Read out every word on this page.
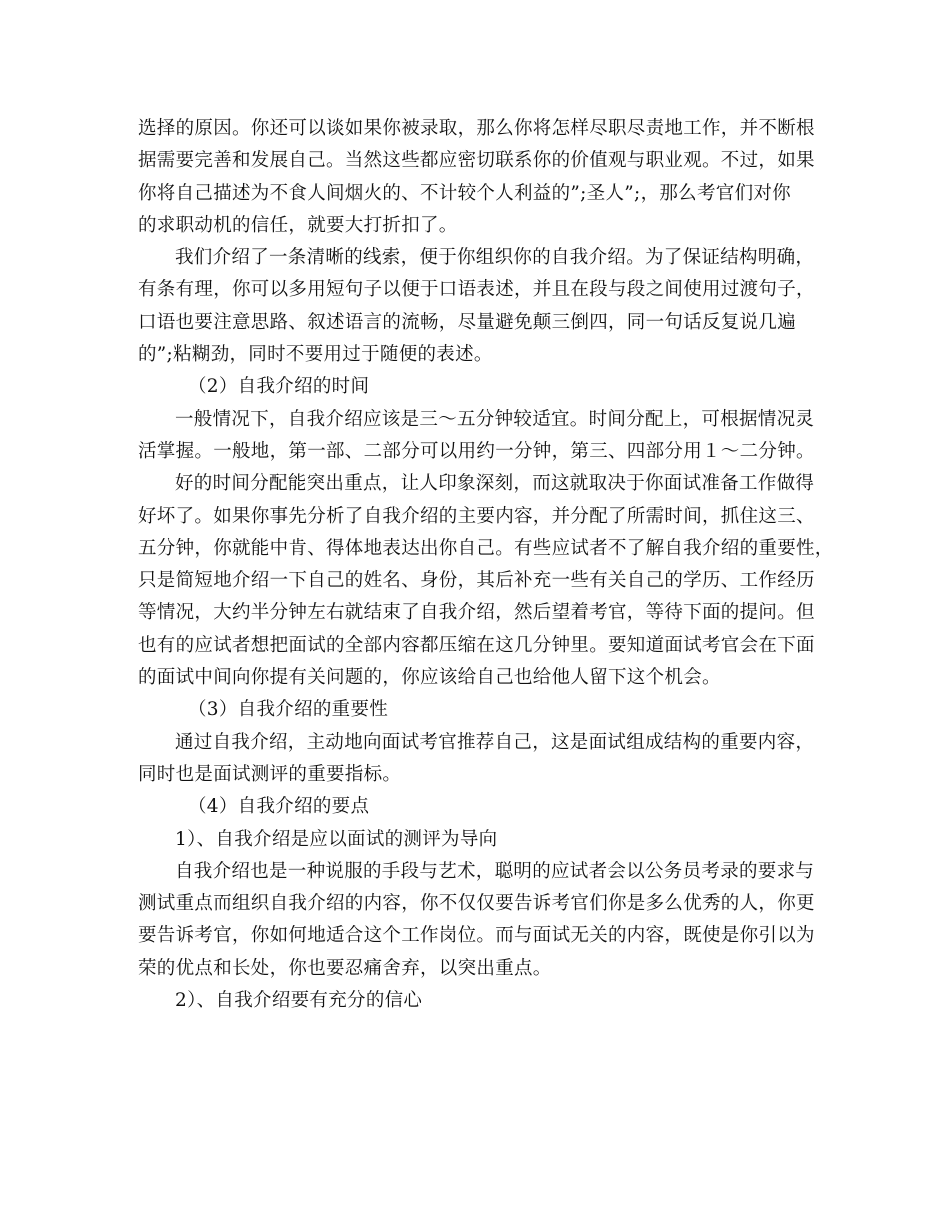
选择的原因。你还可以谈如果你被录取，那么你将怎样尽职尽责地工作，并不断根
据需要完善和发展自己。当然这些都应密切联系你的价值观与职业观。不过，如果
你将自己描述为不食人间烟火的、不计较个人利益的”;圣人”;，那么考官们对你
的求职动机的信任，就要大打折扣了。

我们介绍了一条清晰的线索，便于你组织你的自我介绍。为了保证结构明确，
有条有理，你可以多用短句子以便于口语表述，并且在段与段之间使用过渡句子，
口语也要注意思路、叙述语言的流畅，尽量避免颠三倒四，同一句话反复说几遍
的”;粘糊劲，同时不要用过于随便的表述。

（2）自我介绍的时间

一般情况下，自我介绍应该是三～五分钟较适宜。时间分配上，可根据情况灵
活掌握。一般地，第一部、二部分可以用约一分钟，第三、四部分用１～二分钟。

好的时间分配能突出重点，让人印象深刻，而这就取决于你面试准备工作做得
好坏了。如果你事先分析了自我介绍的主要内容，并分配了所需时间，抓住这三、
五分钟，你就能中肯、得体地表达出你自己。有些应试者不了解自我介绍的重要性，
只是简短地介绍一下自己的姓名、身份，其后补充一些有关自己的学历、工作经历
等情况，大约半分钟左右就结束了自我介绍，然后望着考官，等待下面的提问。但
也有的应试者想把面试的全部内容都压缩在这几分钟里。要知道面试考官会在下面
的面试中间向你提有关问题的，你应该给自己也给他人留下这个机会。

（3）自我介绍的重要性

通过自我介绍，主动地向面试考官推荐自己，这是面试组成结构的重要内容，
同时也是面试测评的重要指标。

（4）自我介绍的要点

1）、自我介绍是应以面试的测评为导向

自我介绍也是一种说服的手段与艺术，聪明的应试者会以公务员考录的要求与
测试重点而组织自我介绍的内容，你不仅仅要告诉考官们你是多么优秀的人，你更
要告诉考官，你如何地适合这个工作岗位。而与面试无关的内容，既使是你引以为
荣的优点和长处，你也要忍痛舍弃，以突出重点。

2）、自我介绍要有充分的信心
